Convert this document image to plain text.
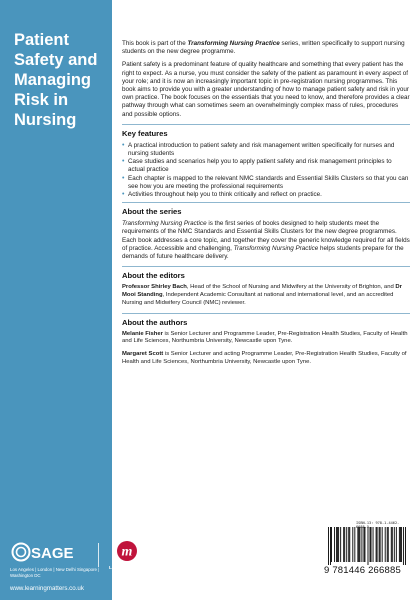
Patient
Safety and
Managing
Risk in
Nursing
SAGE
Los Angeles | London | New Delhi Singapore | Washington DC
www.learningmatters.co.uk
m
LearningMatters

This book is part of the Transforming Nursing Practice series, written specifically to support nursing students on the new degree programme.

Patient safety is a predominant feature of quality healthcare and something that every patient has the right to expect. As a nurse, you must consider the safety of the patient as paramount in every aspect of your role; and it is now an increasingly important topic in pre-registration nursing programmes. This book aims to provide you with a greater understanding of how to manage patient safety and risk in your own practice. The book focuses on the essentials that you need to know, and therefore provides a clear pathway through what can sometimes seem an overwhelmingly complex mass of rules, procedures and possible options.

Key features
• A practical introduction to patient safety and risk management written specifically for nurses and nursing students
• Case studies and scenarios help you to apply patient safety and risk management principles to actual practice
• Each chapter is mapped to the relevant NMC standards and Essential Skills Clusters so that you can see how you are meeting the professional requirements
• Activities throughout help you to think critically and reflect on practice.
About the series

Transforming Nursing Practice is the first series of books designed to help students meet the requirements of the NMC Standards and Essential Skills Clusters for the new degree programmes. Each book addresses a core topic, and together they cover the generic knowledge required for all fields of practice. Accessible and challenging, Transforming Nursing Practice helps students prepare for the demands of future healthcare delivery.

About the editors

Professor Shirley Bach, Head of the School of Nursing and Midwifery at the University of Brighton, and Dr Mooi Standing, Independent Academic Consultant at national and international level, and an accredited Nursing and Midwifery Council (NMC) reviewer.

About the authors

Melanie Fisher is Senior Lecturer and Programme Leader, Pre-Registration Health Studies, Faculty of Health and Life Sciences, Northumbria University, Newcastle upon Tyne.

Margaret Scott is Senior Lecturer and acting Programme Leader, Pre-Registration Health Studies, Faculty of Health and Life Sciences, Northumbria University, Newcastle upon Tyne.

ISBN-13: 978-1-4462-6688-5
9 781446 266885
